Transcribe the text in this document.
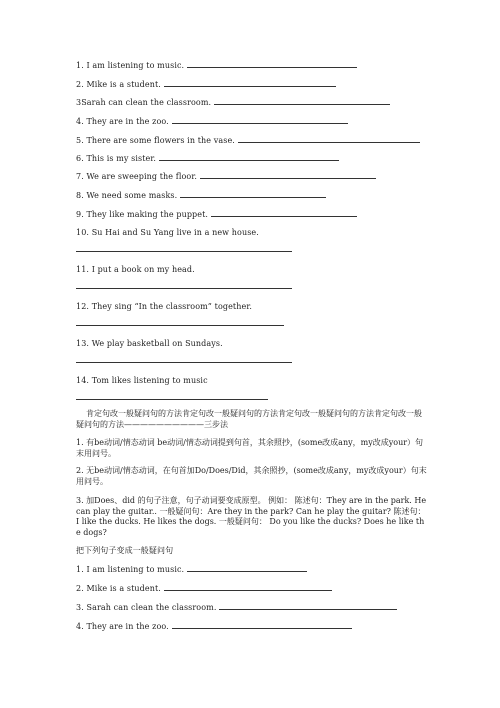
1. I am listening to music.
2. Mike is a student.
3Sarah can clean the classroom.
4. They are in the zoo.
5. There are some flowers in the vase.
6. This is my sister.
7. We are sweeping the floor.
8. We need some masks.
9. They like making the puppet.
10. Su Hai and Su Yang live in a new house.
11. I put a book on my head.
12. They sing “In the classroom” together.
13. We play basketball on Sundays.
14. Tom likes listening to music
肯定句改一般疑问句的方法肯定句改一般疑问句的方法肯定句改一般疑问句的方法肯定句改一般疑问句的方法——————————三步法
1. 有be动词/情态动词 be动词/情态动词提到句首，其余照抄，(some改成any，my改成your）句末用问号。
2. 无be动词/情态动词，在句首加Do/Does/Did，其余照抄，(some改成any，my改成your）句末用问号。
3. 加Does、did 的句子注意，句子动词要变成原型。 例如： 陈述句：They are in the park. He can play the guitar.. 一般疑问句：Are they in the park? Can he play the guitar? 陈述句：I like the ducks. He likes the dogs. 一般疑问句： Do you like the ducks? Does he like the dogs?
把下列句子变成一般疑问句
1. I am listening to music.
2. Mike is a student.
3. Sarah can clean the classroom.
4. They are in the zoo.
